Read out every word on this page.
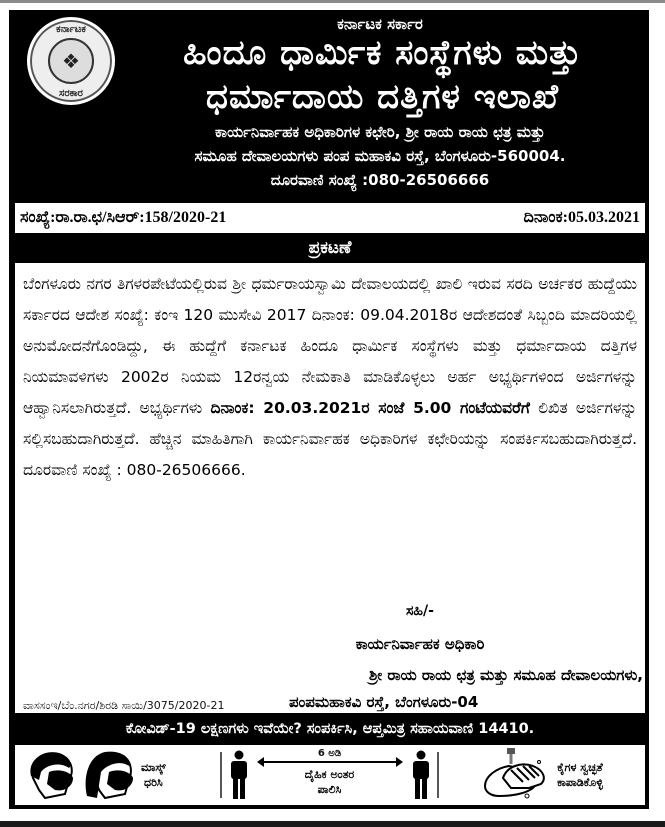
ಕರ್ನಾಟಕ
❖
ಸರಕಾರ
ಕರ್ನಾಟಕ ಸರ್ಕಾರ
ಹಿಂದೂ ಧಾರ್ಮಿಕ ಸಂಸ್ಥೆಗಳು ಮತ್ತು
ಧರ್ಮಾದಾಯ ದತ್ತಿಗಳ ಇಲಾಖೆ
ಕಾರ್ಯನಿರ್ವಾಹಕ ಅಧಿಕಾರಿಗಳ ಕಛೇರಿ, ಶ್ರೀ ರಾಯ ರಾಯ ಛತ್ರ ಮತ್ತು
ಸಮೂಹ ದೇವಾಲಯಗಳು ಪಂಪ ಮಹಾಕವಿ ರಸ್ತೆ, ಬೆಂಗಳೂರು-560004.
ದೂರವಾಣಿ ಸಂಖ್ಯೆ :080-26506666
ಸಂಖ್ಯೆ:ರಾ.ರಾ.ಛ/ಸಿಆರ್:158/2020-21	ದಿನಾಂಕ:05.03.2021
ಪ್ರಕಟಣೆ

ಬೆಂಗಳೂರು ನಗರ ತಿಗಳರಪೇಟೆಯಲ್ಲಿರುವ ಶ್ರೀ ಧರ್ಮರಾಯಸ್ವಾಮಿ ದೇವಾಲಯದಲ್ಲಿ ಖಾಲಿ ಇರುವ ಸರದಿ ಅರ್ಚಕರ ಹುದ್ದೆಯು ಸರ್ಕಾರದ ಆದೇಶ ಸಂಖ್ಯೆ: ಕಂಇ 120 ಮುಸೇವಿ 2017 ದಿನಾಂಕ: 09.04.2018ರ ಆದೇಶದಂತೆ ಸಿಬ್ಬಂದಿ ಮಾದರಿಯಲ್ಲಿ ಅನುಮೋದನೆಗೊಂಡಿದ್ದು, ಈ ಹುದ್ದೆಗೆ ಕರ್ನಾಟಕ ಹಿಂದೂ ಧಾರ್ಮಿಕ ಸಂಸ್ಥೆಗಳು ಮತ್ತು ಧರ್ಮಾದಾಯ ದತ್ತಿಗಳ ನಿಯಮಾವಳಿಗಳು 2002ರ ನಿಯಮ 12ರನ್ವಯ ನೇಮಕಾತಿ ಮಾಡಿಕೊಳ್ಳಲು ಅರ್ಹ ಅಭ್ಯರ್ಥಿಗಳಿಂದ ಅರ್ಜಿಗಳನ್ನು ಆಹ್ವಾನಿಸಲಾಗಿರುತ್ತದೆ. ಅಭ್ಯರ್ಥಿಗಳು ದಿನಾಂಕ: 20.03.2021ರ ಸಂಜೆ 5.00 ಗಂಟೆಯವರೆಗೆ ಲಿಖಿತ ಅರ್ಜಿಗಳನ್ನು ಸಲ್ಲಿಸಬಹುದಾಗಿರುತ್ತದೆ. ಹೆಚ್ಚಿನ ಮಾಹಿತಿಗಾಗಿ ಕಾರ್ಯನಿರ್ವಾಹಕ ಅಧಿಕಾರಿಗಳ ಕಛೇರಿಯನ್ನು ಸಂಪರ್ಕಿಸಬಹುದಾಗಿರುತ್ತದೆ. ದೂರವಾಣಿ ಸಂಖ್ಯೆ : 080-26506666.

ಸಹಿ/-
ಕಾರ್ಯನಿರ್ವಾಹಕ ಅಧಿಕಾರಿ
ಶ್ರೀ ರಾಯ ರಾಯ ಛತ್ರ ಮತ್ತು ಸಮೂಹ ದೇವಾಲಯಗಳು,
ಪಂಪಮಹಾಕವಿ ರಸ್ತೆ, ಬೆಂಗಳೂರು-04
ವಾಸಸಂಇ/ಬೆಂ.ನಗರ/ಶಿರಡಿ ಸಾಯಿ/3075/2020-21
ಕೋವಿಡ್-19 ಲಕ್ಷಣಗಳು ಇವೆಯೇ? ಸಂಪರ್ಕಿಸಿ, ಆಪ್ತಮಿತ್ರ ಸಹಾಯವಾಣಿ 14410.
ಮಾಸ್ಕ್
ಧರಿಸಿ
6 ಅಡಿ
ದೈಹಿಕ ಅಂತರ
ಪಾಲಿಸಿ
ಕೈಗಳ ಸ್ವಚ್ಛತೆ
ಕಾಪಾಡಿಕೊಳ್ಳಿ
